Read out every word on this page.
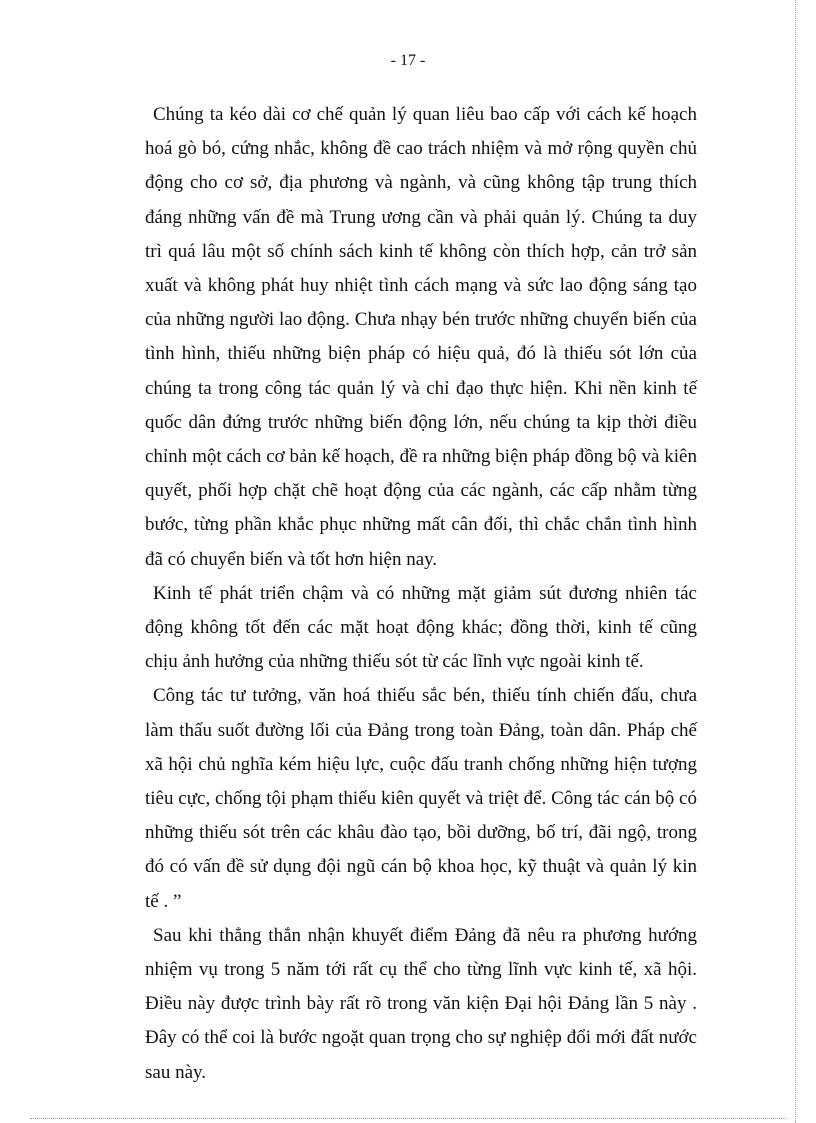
- 17 -

Chúng ta kéo dài cơ chế quản lý quan liêu bao cấp với cách kế hoạch hoá gò bó, cứng nhắc, không đề cao trách nhiệm và mở rộng quyền chủ động cho cơ sở, địa phương và ngành, và cũng không tập trung thích đáng những vấn đề mà Trung ương cần và phải quản lý. Chúng ta duy trì quá lâu một số chính sách kinh tế không còn thích hợp, cản trở sản xuất và không phát huy nhiệt tình cách mạng và sức lao động sáng tạo của những người lao động. Chưa nhạy bén trước những chuyển biến của tình hình, thiếu những biện pháp có hiệu quả, đó là thiếu sót lớn của chúng ta trong công tác quản lý và chỉ đạo thực hiện. Khi nền kinh tế quốc dân đứng trước những biến động lớn, nếu chúng ta kịp thời điều chỉnh một cách cơ bản kế hoạch, đề ra những biện pháp đồng bộ và kiên quyết, phối hợp chặt chẽ hoạt động của các ngành, các cấp nhằm từng bước, từng phần khắc phục những mất cân đối, thì chắc chắn tình hình đã có chuyển biến và tốt hơn hiện nay.

Kinh tế phát triển chậm và có những mặt giảm sút đương nhiên tác động không tốt đến các mặt hoạt động khác; đồng thời, kinh tế cũng chịu ảnh hưởng của những thiếu sót từ các lĩnh vực ngoài kinh tế.

Công tác tư tưởng, văn hoá thiếu sắc bén, thiếu tính chiến đấu, chưa làm thấu suốt đường lối của Đảng trong toàn Đảng, toàn dân. Pháp chế xã hội chủ nghĩa kém hiệu lực, cuộc đấu tranh chống những hiện tượng tiêu cực, chống tội phạm thiếu kiên quyết và triệt để. Công tác cán bộ có những thiếu sót trên các khâu đào tạo, bồi dưỡng, bố trí, đãi ngộ, trong đó có vấn đề sử dụng đội ngũ cán bộ khoa học, kỹ thuật và quản lý kin tế . ”

Sau khi thẳng thắn nhận khuyết điểm Đảng đã nêu ra phương hướng nhiệm vụ trong 5 năm tới rất cụ thể cho từng lĩnh vực kinh tế, xã hội. Điều này được trình bày rất rõ trong văn kiện Đại hội Đảng lần 5 này . Đây có thể coi là bước ngoặt quan trọng cho sự nghiệp đổi mới đất nước sau này.
